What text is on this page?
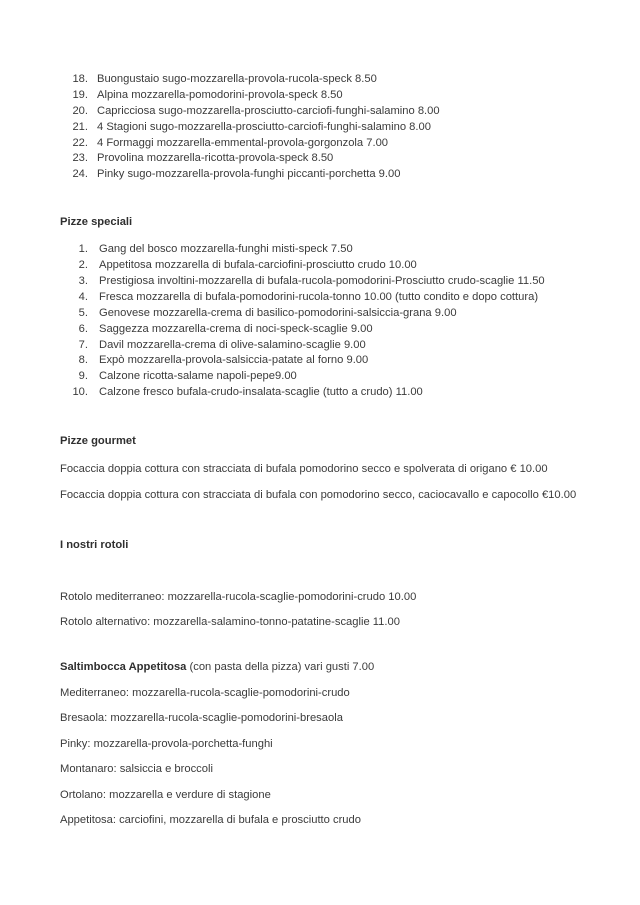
18. Buongustaio sugo-mozzarella-provola-rucola-speck 8.50
19. Alpina mozzarella-pomodorini-provola-speck 8.50
20. Capricciosa sugo-mozzarella-prosciutto-carciofi-funghi-salamino 8.00
21. 4 Stagioni sugo-mozzarella-prosciutto-carciofi-funghi-salamino 8.00
22. 4 Formaggi mozzarella-emmental-provola-gorgonzola 7.00
23. Provolina mozzarella-ricotta-provola-speck 8.50
24. Pinky sugo-mozzarella-provola-funghi piccanti-porchetta 9.00
Pizze speciali
1. Gang del bosco mozzarella-funghi misti-speck 7.50
2. Appetitosa mozzarella di bufala-carciofini-prosciutto crudo 10.00
3. Prestigiosa involtini-mozzarella di bufala-rucola-pomodorini-Prosciutto crudo-scaglie 11.50
4. Fresca mozzarella di bufala-pomodorini-rucola-tonno 10.00 (tutto condito e dopo cottura)
5. Genovese mozzarella-crema di basilico-pomodorini-salsiccia-grana 9.00
6. Saggezza mozzarella-crema di noci-speck-scaglie 9.00
7. Davil mozzarella-crema di olive-salamino-scaglie 9.00
8. Expò mozzarella-provola-salsiccia-patate al forno 9.00
9. Calzone ricotta-salame napoli-pepe9.00
10. Calzone fresco bufala-crudo-insalata-scaglie (tutto a crudo) 11.00
Pizze gourmet

Focaccia doppia cottura con stracciata di bufala pomodorino secco e spolverata di origano € 10.00

Focaccia doppia cottura con stracciata di bufala con pomodorino secco, caciocavallo e capocollo €10.00

I nostri rotoli

Rotolo mediterraneo: mozzarella-rucola-scaglie-pomodorini-crudo 10.00

Rotolo alternativo: mozzarella-salamino-tonno-patatine-scaglie 11.00

Saltimbocca Appetitosa (con pasta della pizza) vari gusti 7.00

Mediterraneo: mozzarella-rucola-scaglie-pomodorini-crudo

Bresaola: mozzarella-rucola-scaglie-pomodorini-bresaola

Pinky: mozzarella-provola-porchetta-funghi

Montanaro: salsiccia e broccoli

Ortolano: mozzarella e verdure di stagione

Appetitosa: carciofini, mozzarella di bufala e prosciutto crudo
